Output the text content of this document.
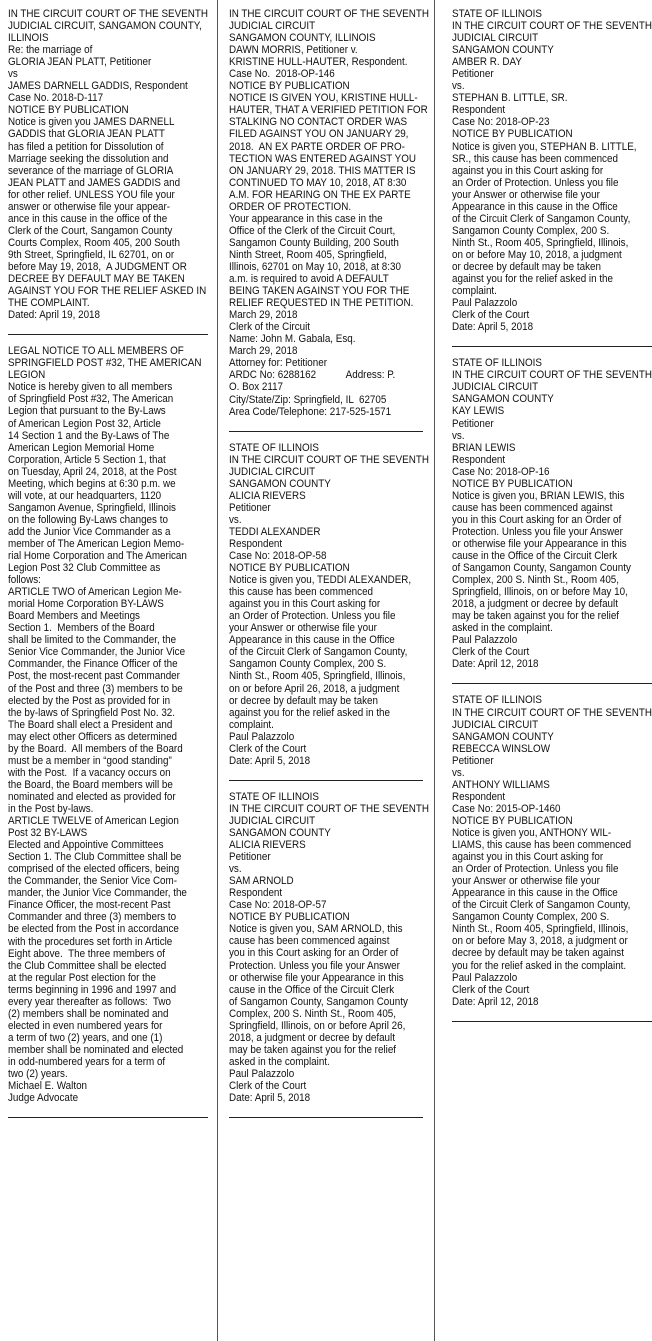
IN THE CIRCUIT COURT OF THE SEVENTH
JUDICIAL CIRCUIT, SANGAMON COUNTY,
ILLINOIS
Re: the marriage of
GLORIA JEAN PLATT, Petitioner
vs
JAMES DARNELL GADDIS, Respondent
Case No. 2018-D-117
NOTICE BY PUBLICATION
Notice is given you JAMES DARNELL
GADDIS that GLORIA JEAN PLATT
has filed a petition for Dissolution of
Marriage seeking the dissolution and
severance of the marriage of GLORIA
JEAN PLATT and JAMES GADDIS and
for other relief. UNLESS YOU file your
answer or otherwise file your appear-
ance in this cause in the office of the
Clerk of the Court, Sangamon County
Courts Complex, Room 405, 200 South
9th Street, Springfield, IL 62701, on or
before May 19, 2018,  A JUDGMENT OR
DECREE BY DEFAULT MAY BE TAKEN
AGAINST YOU FOR THE RELIEF ASKED IN
THE COMPLAINT.
Dated: April 19, 2018
LEGAL NOTICE TO ALL MEMBERS OF
SPRINGFIELD POST #32, THE AMERICAN
LEGION
Notice is hereby given to all members
of Springfield Post #32, The American
Legion that pursuant to the By-Laws
of American Legion Post 32, Article
14 Section 1 and the By-Laws of The
American Legion Memorial Home
Corporation, Article 5 Section 1, that
on Tuesday, April 24, 2018, at the Post
Meeting, which begins at 6:30 p.m. we
will vote, at our headquarters, 1120
Sangamon Avenue, Springfield, Illinois
on the following By-Laws changes to
add the Junior Vice Commander as a
member of The American Legion Memo-
rial Home Corporation and The American
Legion Post 32 Club Committee as
follows:
ARTICLE TWO of American Legion Me-
morial Home Corporation BY-LAWS
Board Members and Meetings
Section 1.  Members of the Board
shall be limited to the Commander, the
Senior Vice Commander, the Junior Vice
Commander, the Finance Officer of the
Post, the most-recent past Commander
of the Post and three (3) members to be
elected by the Post as provided for in
the by-laws of Springfield Post No. 32.
The Board shall elect a President and
may elect other Officers as determined
by the Board.  All members of the Board
must be a member in “good standing”
with the Post.  If a vacancy occurs on
the Board, the Board members will be
nominated and elected as provided for
in the Post by-laws.
ARTICLE TWELVE of American Legion
Post 32 BY-LAWS
Elected and Appointive Committees
Section 1. The Club Committee shall be
comprised of the elected officers, being
the Commander, the Senior Vice Com-
mander, the Junior Vice Commander, the
Finance Officer, the most-recent Past
Commander and three (3) members to
be elected from the Post in accordance
with the procedures set forth in Article
Eight above.  The three members of
the Club Committee shall be elected
at the regular Post election for the
terms beginning in 1996 and 1997 and
every year thereafter as follows:  Two
(2) members shall be nominated and
elected in even numbered years for
a term of two (2) years, and one (1)
member shall be nominated and elected
in odd-numbered years for a term of
two (2) years.
Michael E. Walton
Judge Advocate
IN THE CIRCUIT COURT OF THE SEVENTH
JUDICIAL CIRCUIT
SANGAMON COUNTY, ILLINOIS
DAWN MORRIS, Petitioner v.
KRISTINE HULL-HAUTER, Respondent.
Case No.  2018-OP-146
NOTICE BY PUBLICATION
NOTICE IS GIVEN YOU, KRISTINE HULL-
HAUTER, THAT A VERIFIED PETITION FOR
STALKING NO CONTACT ORDER WAS
FILED AGAINST YOU ON JANUARY 29,
2018.  AN EX PARTE ORDER OF PRO-
TECTION WAS ENTERED AGAINST YOU
ON JANUARY 29, 2018. THIS MATTER IS
CONTINUED TO MAY 10, 2018, AT 8:30
A.M. FOR HEARING ON THE EX PARTE
ORDER OF PROTECTION.
Your appearance in this case in the
Office of the Clerk of the Circuit Court,
Sangamon County Building, 200 South
Ninth Street, Room 405, Springfield,
Illinois, 62701 on May 10, 2018, at 8:30
a.m. is required to avoid A DEFAULT
BEING TAKEN AGAINST YOU FOR THE
RELIEF REQUESTED IN THE PETITION.
March 29, 2018
Clerk of the Circuit
Name: John M. Gabala, Esq.
March 29, 2018
Attorney for: Petitioner
ARDC No: 6288162           Address: P.
O. Box 2117
City/State/Zip: Springfield, IL  62705
Area Code/Telephone: 217-525-1571
STATE OF ILLINOIS
IN THE CIRCUIT COURT OF THE SEVENTH
JUDICIAL CIRCUIT
SANGAMON COUNTY
ALICIA RIEVERS
Petitioner
vs.
TEDDI ALEXANDER
Respondent
Case No: 2018-OP-58
NOTICE BY PUBLICATION
Notice is given you, TEDDI ALEXANDER,
this cause has been commenced
against you in this Court asking for
an Order of Protection. Unless you file
your Answer or otherwise file your
Appearance in this cause in the Office
of the Circuit Clerk of Sangamon County,
Sangamon County Complex, 200 S.
Ninth St., Room 405, Springfield, Illinois,
on or before April 26, 2018, a judgment
or decree by default may be taken
against you for the relief asked in the
complaint.
Paul Palazzolo
Clerk of the Court
Date: April 5, 2018
STATE OF ILLINOIS
IN THE CIRCUIT COURT OF THE SEVENTH
JUDICIAL CIRCUIT
SANGAMON COUNTY
ALICIA RIEVERS
Petitioner
vs.
SAM ARNOLD
Respondent
Case No: 2018-OP-57
NOTICE BY PUBLICATION
Notice is given you, SAM ARNOLD, this
cause has been commenced against
you in this Court asking for an Order of
Protection. Unless you file your Answer
or otherwise file your Appearance in this
cause in the Office of the Circuit Clerk
of Sangamon County, Sangamon County
Complex, 200 S. Ninth St., Room 405,
Springfield, Illinois, on or before April 26,
2018, a judgment or decree by default
may be taken against you for the relief
asked in the complaint.
Paul Palazzolo
Clerk of the Court
Date: April 5, 2018
STATE OF ILLINOIS
IN THE CIRCUIT COURT OF THE SEVENTH
JUDICIAL CIRCUIT
SANGAMON COUNTY
AMBER R. DAY
Petitioner
vs.
STEPHAN B. LITTLE, SR.
Respondent
Case No: 2018-OP-23
NOTICE BY PUBLICATION
Notice is given you, STEPHAN B. LITTLE,
SR., this cause has been commenced
against you in this Court asking for
an Order of Protection. Unless you file
your Answer or otherwise file your
Appearance in this cause in the Office
of the Circuit Clerk of Sangamon County,
Sangamon County Complex, 200 S.
Ninth St., Room 405, Springfield, Illinois,
on or before May 10, 2018, a judgment
or decree by default may be taken
against you for the relief asked in the
complaint.
Paul Palazzolo
Clerk of the Court
Date: April 5, 2018
STATE OF ILLINOIS
IN THE CIRCUIT COURT OF THE SEVENTH
JUDICIAL CIRCUIT
SANGAMON COUNTY
KAY LEWIS
Petitioner
vs.
BRIAN LEWIS
Respondent
Case No: 2018-OP-16
NOTICE BY PUBLICATION
Notice is given you, BRIAN LEWIS, this
cause has been commenced against
you in this Court asking for an Order of
Protection. Unless you file your Answer
or otherwise file your Appearance in this
cause in the Office of the Circuit Clerk
of Sangamon County, Sangamon County
Complex, 200 S. Ninth St., Room 405,
Springfield, Illinois, on or before May 10,
2018, a judgment or decree by default
may be taken against you for the relief
asked in the complaint.
Paul Palazzolo
Clerk of the Court
Date: April 12, 2018
STATE OF ILLINOIS
IN THE CIRCUIT COURT OF THE SEVENTH
JUDICIAL CIRCUIT
SANGAMON COUNTY
REBECCA WINSLOW
Petitioner
vs.
ANTHONY WILLIAMS
Respondent
Case No: 2015-OP-1460
NOTICE BY PUBLICATION
Notice is given you, ANTHONY WIL-
LIAMS, this cause has been commenced
against you in this Court asking for
an Order of Protection. Unless you file
your Answer or otherwise file your
Appearance in this cause in the Office
of the Circuit Clerk of Sangamon County,
Sangamon County Complex, 200 S.
Ninth St., Room 405, Springfield, Illinois,
on or before May 3, 2018, a judgment or
decree by default may be taken against
you for the relief asked in the complaint.
Paul Palazzolo
Clerk of the Court
Date: April 12, 2018
